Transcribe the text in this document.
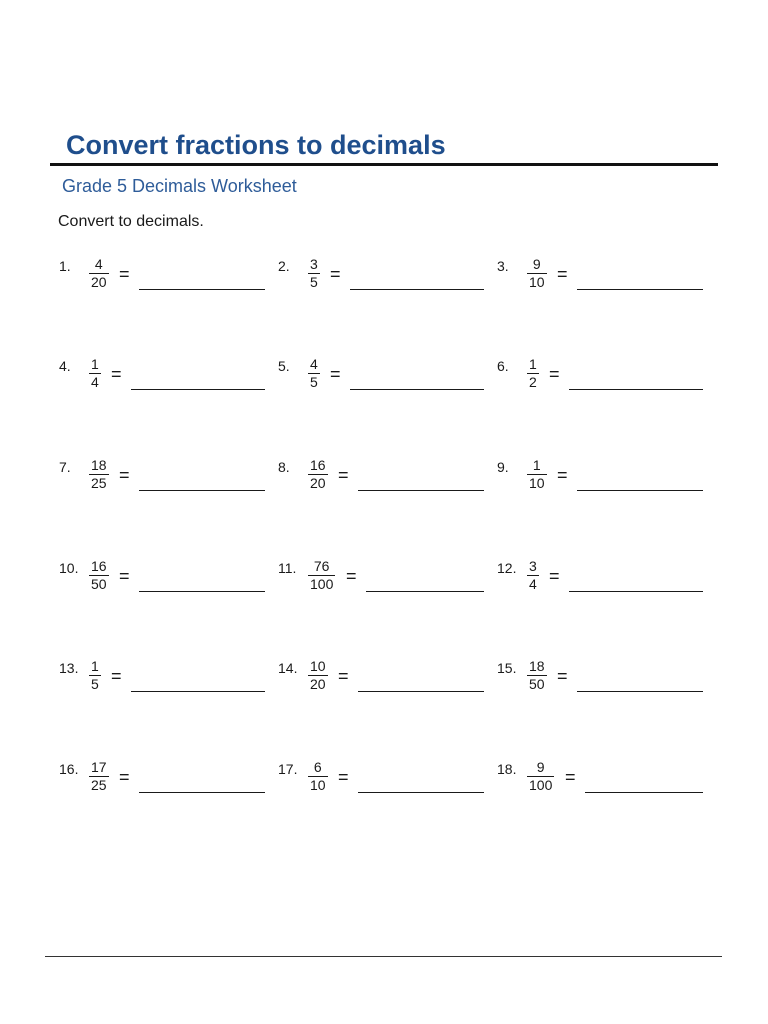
Convert fractions to decimals
Grade 5 Decimals Worksheet
Convert to decimals.
1. 4
20 =	2. 3
5 =	3. 9
10 =
4. 1
4 =	5. 4
5 =	6. 1
2 =
7. 18
25 =	8. 16
20 =	9. 1
10 =
10. 16
50 =	11. 76
100 =	12. 3
4 =
13. 1
5 =	14. 10
20 =	15. 18
50 =
16. 17
25 =	17. 6
10 =	18. 9
100 =
